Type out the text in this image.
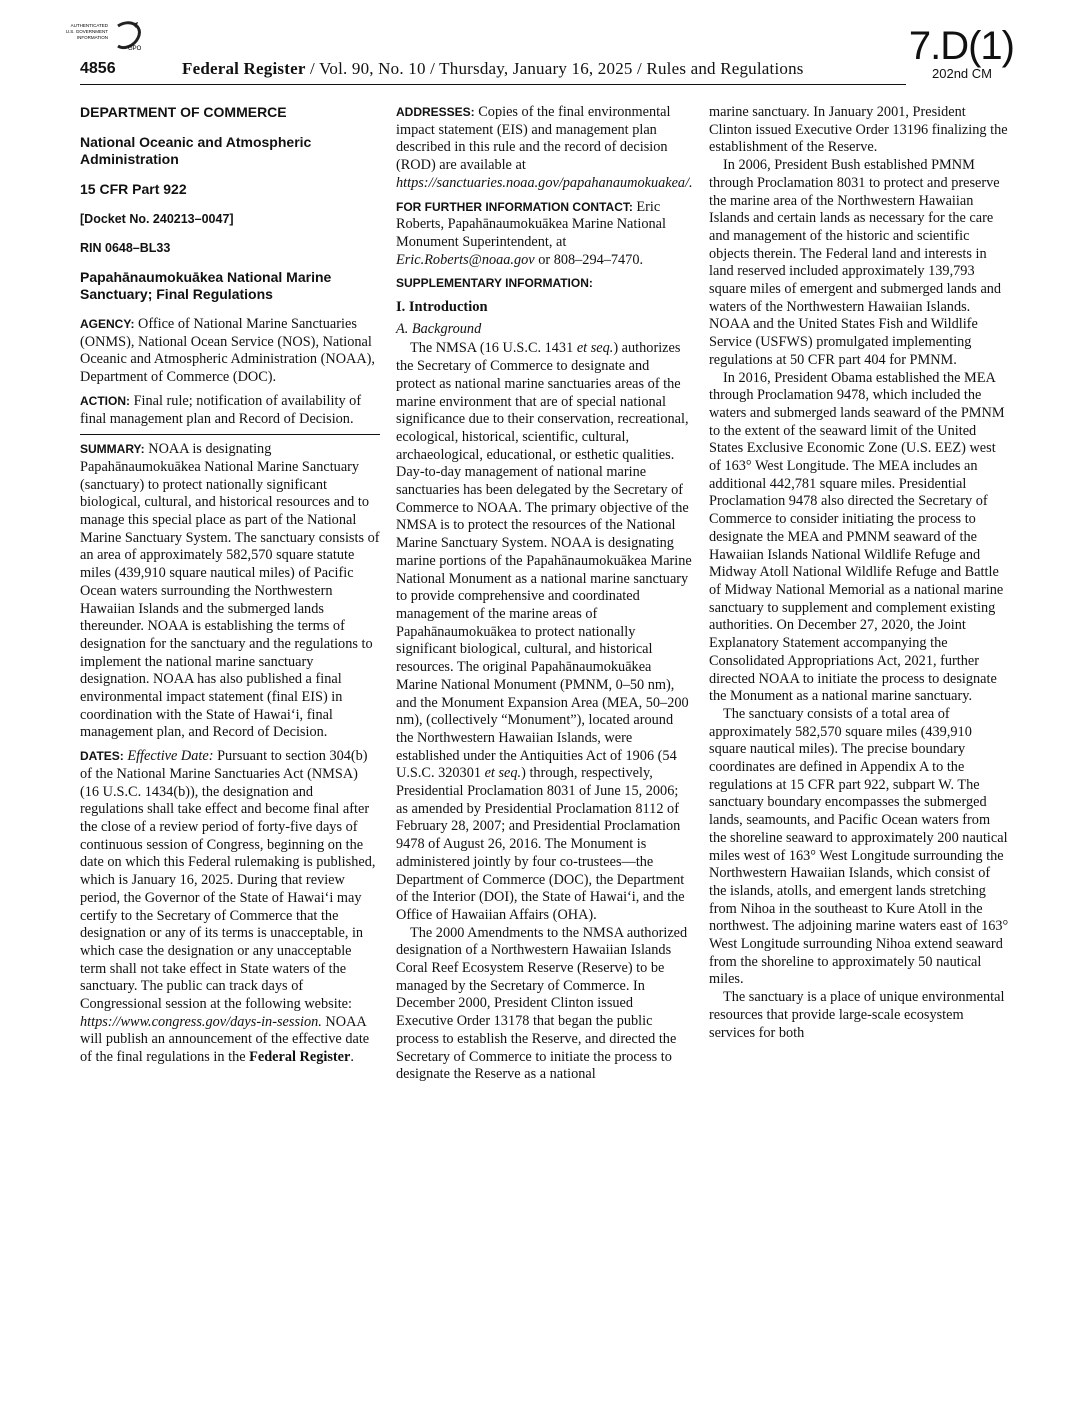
AUTHENTICATED
U.S. GOVERNMENT
INFORMATION
GPO
4856	Federal Register / Vol. 90, No. 10 / Thursday, January 16, 2025 / Rules and Regulations
7.D(1)
202nd CM
DEPARTMENT OF COMMERCE
National Oceanic and Atmospheric Administration
15 CFR Part 922
[Docket No. 240213–0047]
RIN 0648–BL33
Papahānaumokuākea National Marine Sanctuary; Final Regulations

AGENCY: Office of National Marine Sanctuaries (ONMS), National Ocean Service (NOS), National Oceanic and Atmospheric Administration (NOAA), Department of Commerce (DOC).

ACTION: Final rule; notification of availability of final management plan and Record of Decision.

SUMMARY: NOAA is designating Papahānaumokuākea National Marine Sanctuary (sanctuary) to protect nationally significant biological, cultural, and historical resources and to manage this special place as part of the National Marine Sanctuary System. The sanctuary consists of an area of approximately 582,570 square statute miles (439,910 square nautical miles) of Pacific Ocean waters surrounding the Northwestern Hawaiian Islands and the submerged lands thereunder. NOAA is establishing the terms of designation for the sanctuary and the regulations to implement the national marine sanctuary designation. NOAA has also published a final environmental impact statement (final EIS) in coordination with the State of Hawaiʻi, final management plan, and Record of Decision.

DATES: Effective Date: Pursuant to section 304(b) of the National Marine Sanctuaries Act (NMSA) (16 U.S.C. 1434(b)), the designation and regulations shall take effect and become final after the close of a review period of forty-five days of continuous session of Congress, beginning on the date on which this Federal rulemaking is published, which is January 16, 2025. During that review period, the Governor of the State of Hawaiʻi may certify to the Secretary of Commerce that the designation or any of its terms is unacceptable, in which case the designation or any unacceptable term shall not take effect in State waters of the sanctuary. The public can track days of Congressional session at the following website: https://www.congress.gov/days-in-session. NOAA will publish an announcement of the effective date of the final regulations in the Federal Register.

ADDRESSES: Copies of the final environmental impact statement (EIS) and management plan described in this rule and the record of decision (ROD) are available at https://sanctuaries.noaa.gov/papahanaumokuakea/.

FOR FURTHER INFORMATION CONTACT: Eric Roberts, Papahānaumokuākea Marine National Monument Superintendent, at Eric.Roberts@noaa.gov or 808–294–7470.

SUPPLEMENTARY INFORMATION:

I. Introduction
A. Background

The NMSA (16 U.S.C. 1431 et seq.) authorizes the Secretary of Commerce to designate and protect as national marine sanctuaries areas of the marine environment that are of special national significance due to their conservation, recreational, ecological, historical, scientific, cultural, archaeological, educational, or esthetic qualities. Day-to-day management of national marine sanctuaries has been delegated by the Secretary of Commerce to NOAA. The primary objective of the NMSA is to protect the resources of the National Marine Sanctuary System. NOAA is designating marine portions of the Papahānaumokuākea Marine National Monument as a national marine sanctuary to provide comprehensive and coordinated management of the marine areas of Papahānaumokuākea to protect nationally significant biological, cultural, and historical resources. The original Papahānaumokuākea Marine National Monument (PMNM, 0–50 nm), and the Monument Expansion Area (MEA, 50–200 nm), (collectively “Monument”), located around the Northwestern Hawaiian Islands, were established under the Antiquities Act of 1906 (54 U.S.C. 320301 et seq.) through, respectively, Presidential Proclamation 8031 of June 15, 2006; as amended by Presidential Proclamation 8112 of February 28, 2007; and Presidential Proclamation 9478 of August 26, 2016. The Monument is administered jointly by four co-trustees—the Department of Commerce (DOC), the Department of the Interior (DOI), the State of Hawaiʻi, and the Office of Hawaiian Affairs (OHA).

The 2000 Amendments to the NMSA authorized designation of a Northwestern Hawaiian Islands Coral Reef Ecosystem Reserve (Reserve) to be managed by the Secretary of Commerce. In December 2000, President Clinton issued Executive Order 13178 that began the public process to establish the Reserve, and directed the Secretary of Commerce to initiate the process to designate the Reserve as a national

marine sanctuary. In January 2001, President Clinton issued Executive Order 13196 finalizing the establishment of the Reserve.

In 2006, President Bush established PMNM through Proclamation 8031 to protect and preserve the marine area of the Northwestern Hawaiian Islands and certain lands as necessary for the care and management of the historic and scientific objects therein. The Federal land and interests in land reserved included approximately 139,793 square miles of emergent and submerged lands and waters of the Northwestern Hawaiian Islands. NOAA and the United States Fish and Wildlife Service (USFWS) promulgated implementing regulations at 50 CFR part 404 for PMNM.

In 2016, President Obama established the MEA through Proclamation 9478, which included the waters and submerged lands seaward of the PMNM to the extent of the seaward limit of the United States Exclusive Economic Zone (U.S. EEZ) west of 163° West Longitude. The MEA includes an additional 442,781 square miles. Presidential Proclamation 9478 also directed the Secretary of Commerce to consider initiating the process to designate the MEA and PMNM seaward of the Hawaiian Islands National Wildlife Refuge and Midway Atoll National Wildlife Refuge and Battle of Midway National Memorial as a national marine sanctuary to supplement and complement existing authorities. On December 27, 2020, the Joint Explanatory Statement accompanying the Consolidated Appropriations Act, 2021, further directed NOAA to initiate the process to designate the Monument as a national marine sanctuary.

The sanctuary consists of a total area of approximately 582,570 square miles (439,910 square nautical miles). The precise boundary coordinates are defined in Appendix A to the regulations at 15 CFR part 922, subpart W. The sanctuary boundary encompasses the submerged lands, seamounts, and Pacific Ocean waters from the shoreline seaward to approximately 200 nautical miles west of 163° West Longitude surrounding the Northwestern Hawaiian Islands, which consist of the islands, atolls, and emergent lands stretching from Nihoa in the southeast to Kure Atoll in the northwest. The adjoining marine waters east of 163° West Longitude surrounding Nihoa extend seaward from the shoreline to approximately 50 nautical miles.

The sanctuary is a place of unique environmental resources that provide large-scale ecosystem services for both
